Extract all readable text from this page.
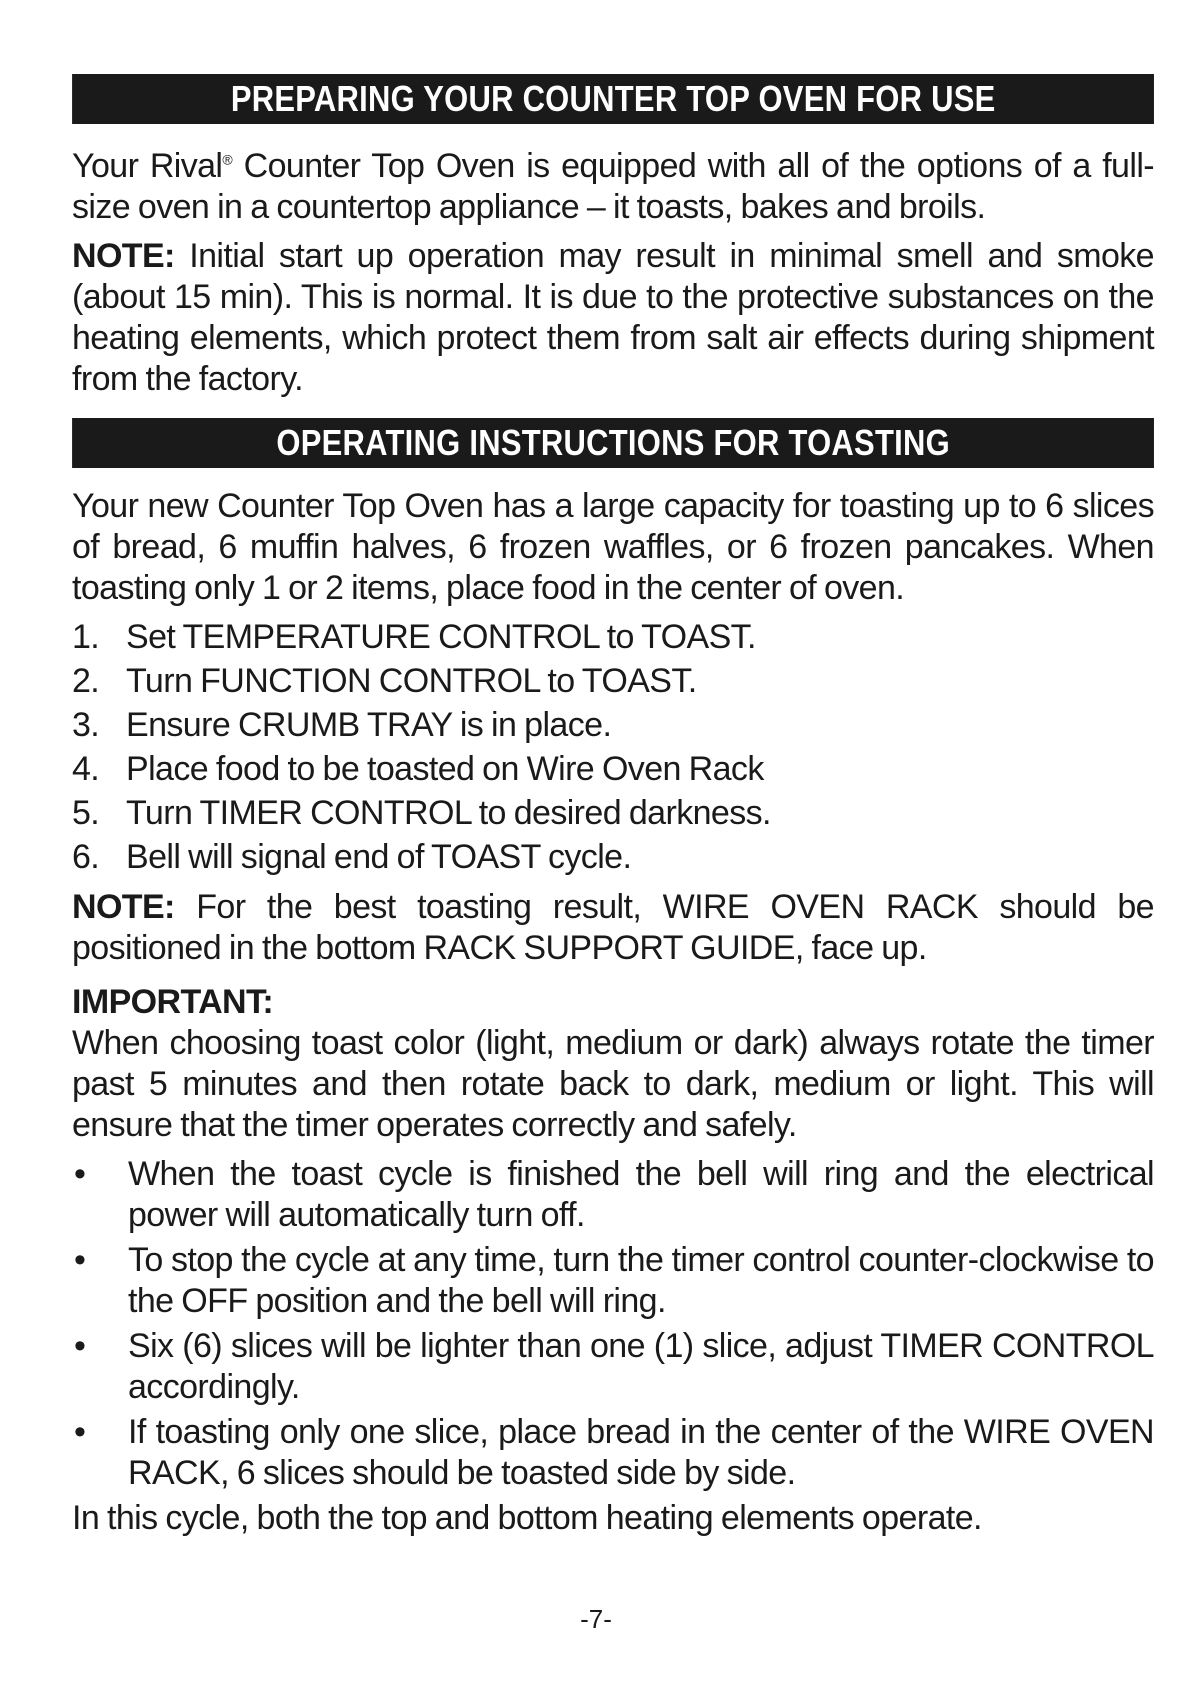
PREPARING YOUR COUNTER TOP OVEN FOR USE

Your Rival® Counter Top Oven is equipped with all of the options of a full-size oven in a countertop appliance – it toasts, bakes and broils.

NOTE: Initial start up operation may result in minimal smell and smoke (about 15 min). This is normal. It is due to the protective substances on the heating elements, which protect them from salt air effects during shipment from the factory.

OPERATING INSTRUCTIONS FOR TOASTING

Your new Counter Top Oven has a large capacity for toasting up to 6 slices of bread, 6 muffin halves, 6 frozen waffles, or 6 frozen pancakes. When toasting only 1 or 2 items, place food in the center of oven.

1. Set TEMPERATURE CONTROL to TOAST.
2. Turn FUNCTION CONTROL to TOAST.
3. Ensure CRUMB TRAY is in place.
4. Place food to be toasted on Wire Oven Rack
5. Turn TIMER CONTROL to desired darkness.
6. Bell will signal end of TOAST cycle.

NOTE: For the best toasting result, WIRE OVEN RACK should be positioned in the bottom RACK SUPPORT GUIDE, face up.

IMPORTANT:

When choosing toast color (light, medium or dark) always rotate the timer past 5 minutes and then rotate back to dark, medium or light. This will ensure that the timer operates correctly and safely.

•	When the toast cycle is finished the bell will ring and the electrical power will automatically turn off.
•	To stop the cycle at any time, turn the timer control counter-clockwise to the OFF position and the bell will ring.
•	Six (6) slices will be lighter than one (1) slice, adjust TIMER CONTROL accordingly.
•	If toasting only one slice, place bread in the center of the WIRE OVEN RACK, 6 slices should be toasted side by side.

In this cycle, both the top and bottom heating elements operate.

-7-
